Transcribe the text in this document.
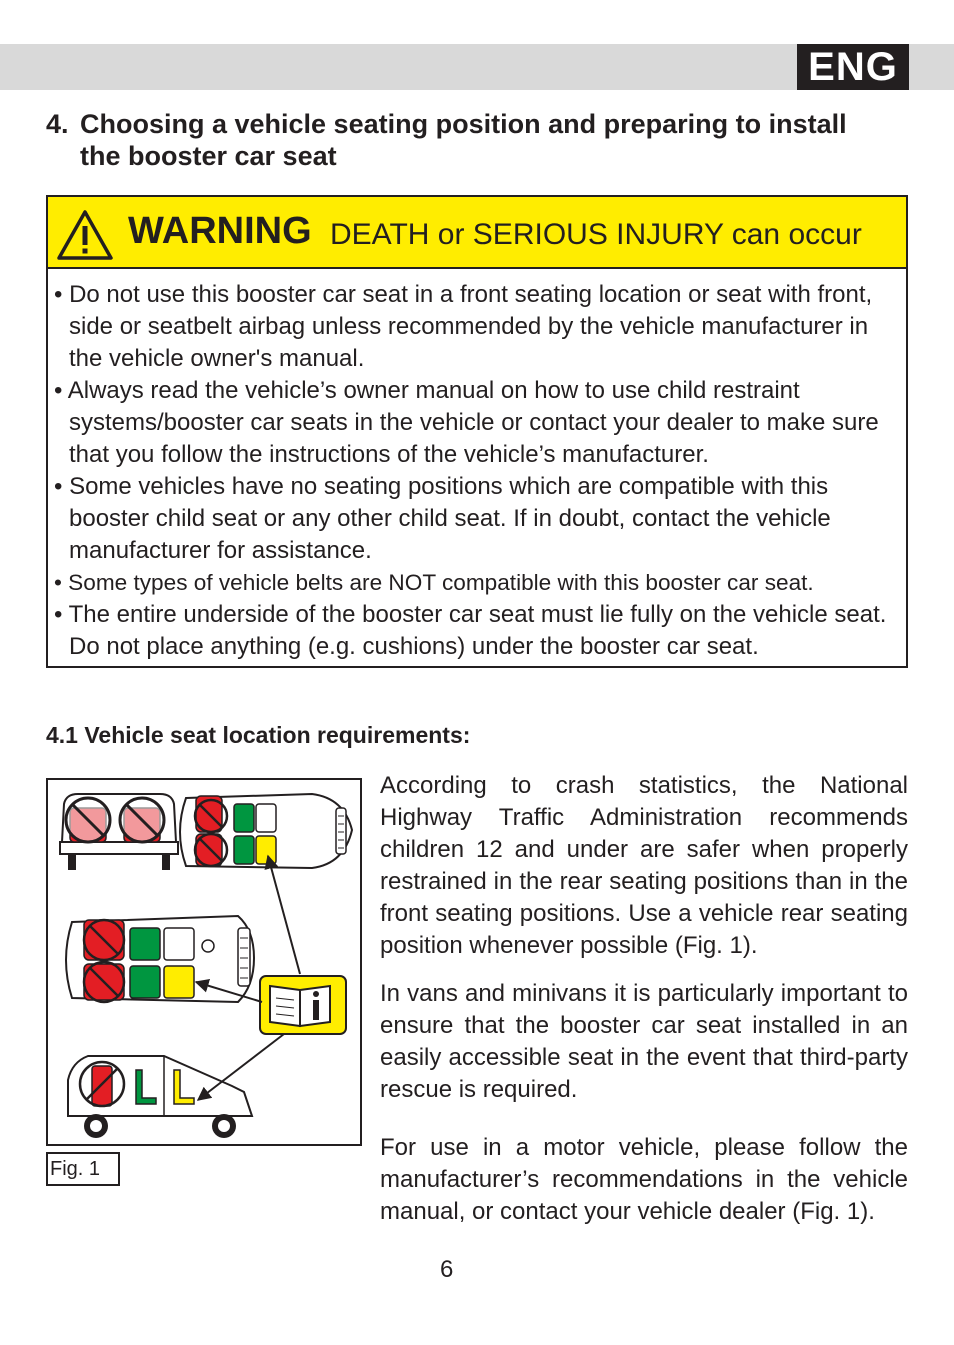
ENG
4. Choosing a vehicle seating position and preparing to install
the booster car seat
WARNING DEATH or SERIOUS INJURY can occur
• Do not use this booster car seat in a front seating location or seat with front, side or seatbelt airbag unless recommended by the vehicle manufacturer in the vehicle owner's manual.
• Always read the vehicle’s owner manual on how to use child restraint systems/booster car seats in the vehicle or contact your dealer to make sure that you follow the instructions of the vehicle’s manufacturer.
• Some vehicles have no seating positions which are compatible with this booster child seat or any other child seat. If in doubt, contact the vehicle manufacturer for assistance.
• Some types of vehicle belts are NOT compatible with this booster car seat.
• The entire underside of the booster car seat must lie fully on the vehicle seat. Do not place anything (e.g. cushions) under the booster car seat.
4.1 Vehicle seat location requirements:
Fig. 1

According to crash statistics, the National Highway Traffic Administration recommends children 12 and under are safer when properly restrained in the rear seating positions than in the front seating positions. Use a vehicle rear seating position whenever possible (Fig. 1).

In vans and minivans it is particularly important to ensure that the booster car seat installed in an easily accessible seat in the event that third-party rescue is required.

For use in a motor vehicle, please follow the manufacturer’s recommendations in the vehicle manual, or contact your vehicle dealer (Fig. 1).

6
